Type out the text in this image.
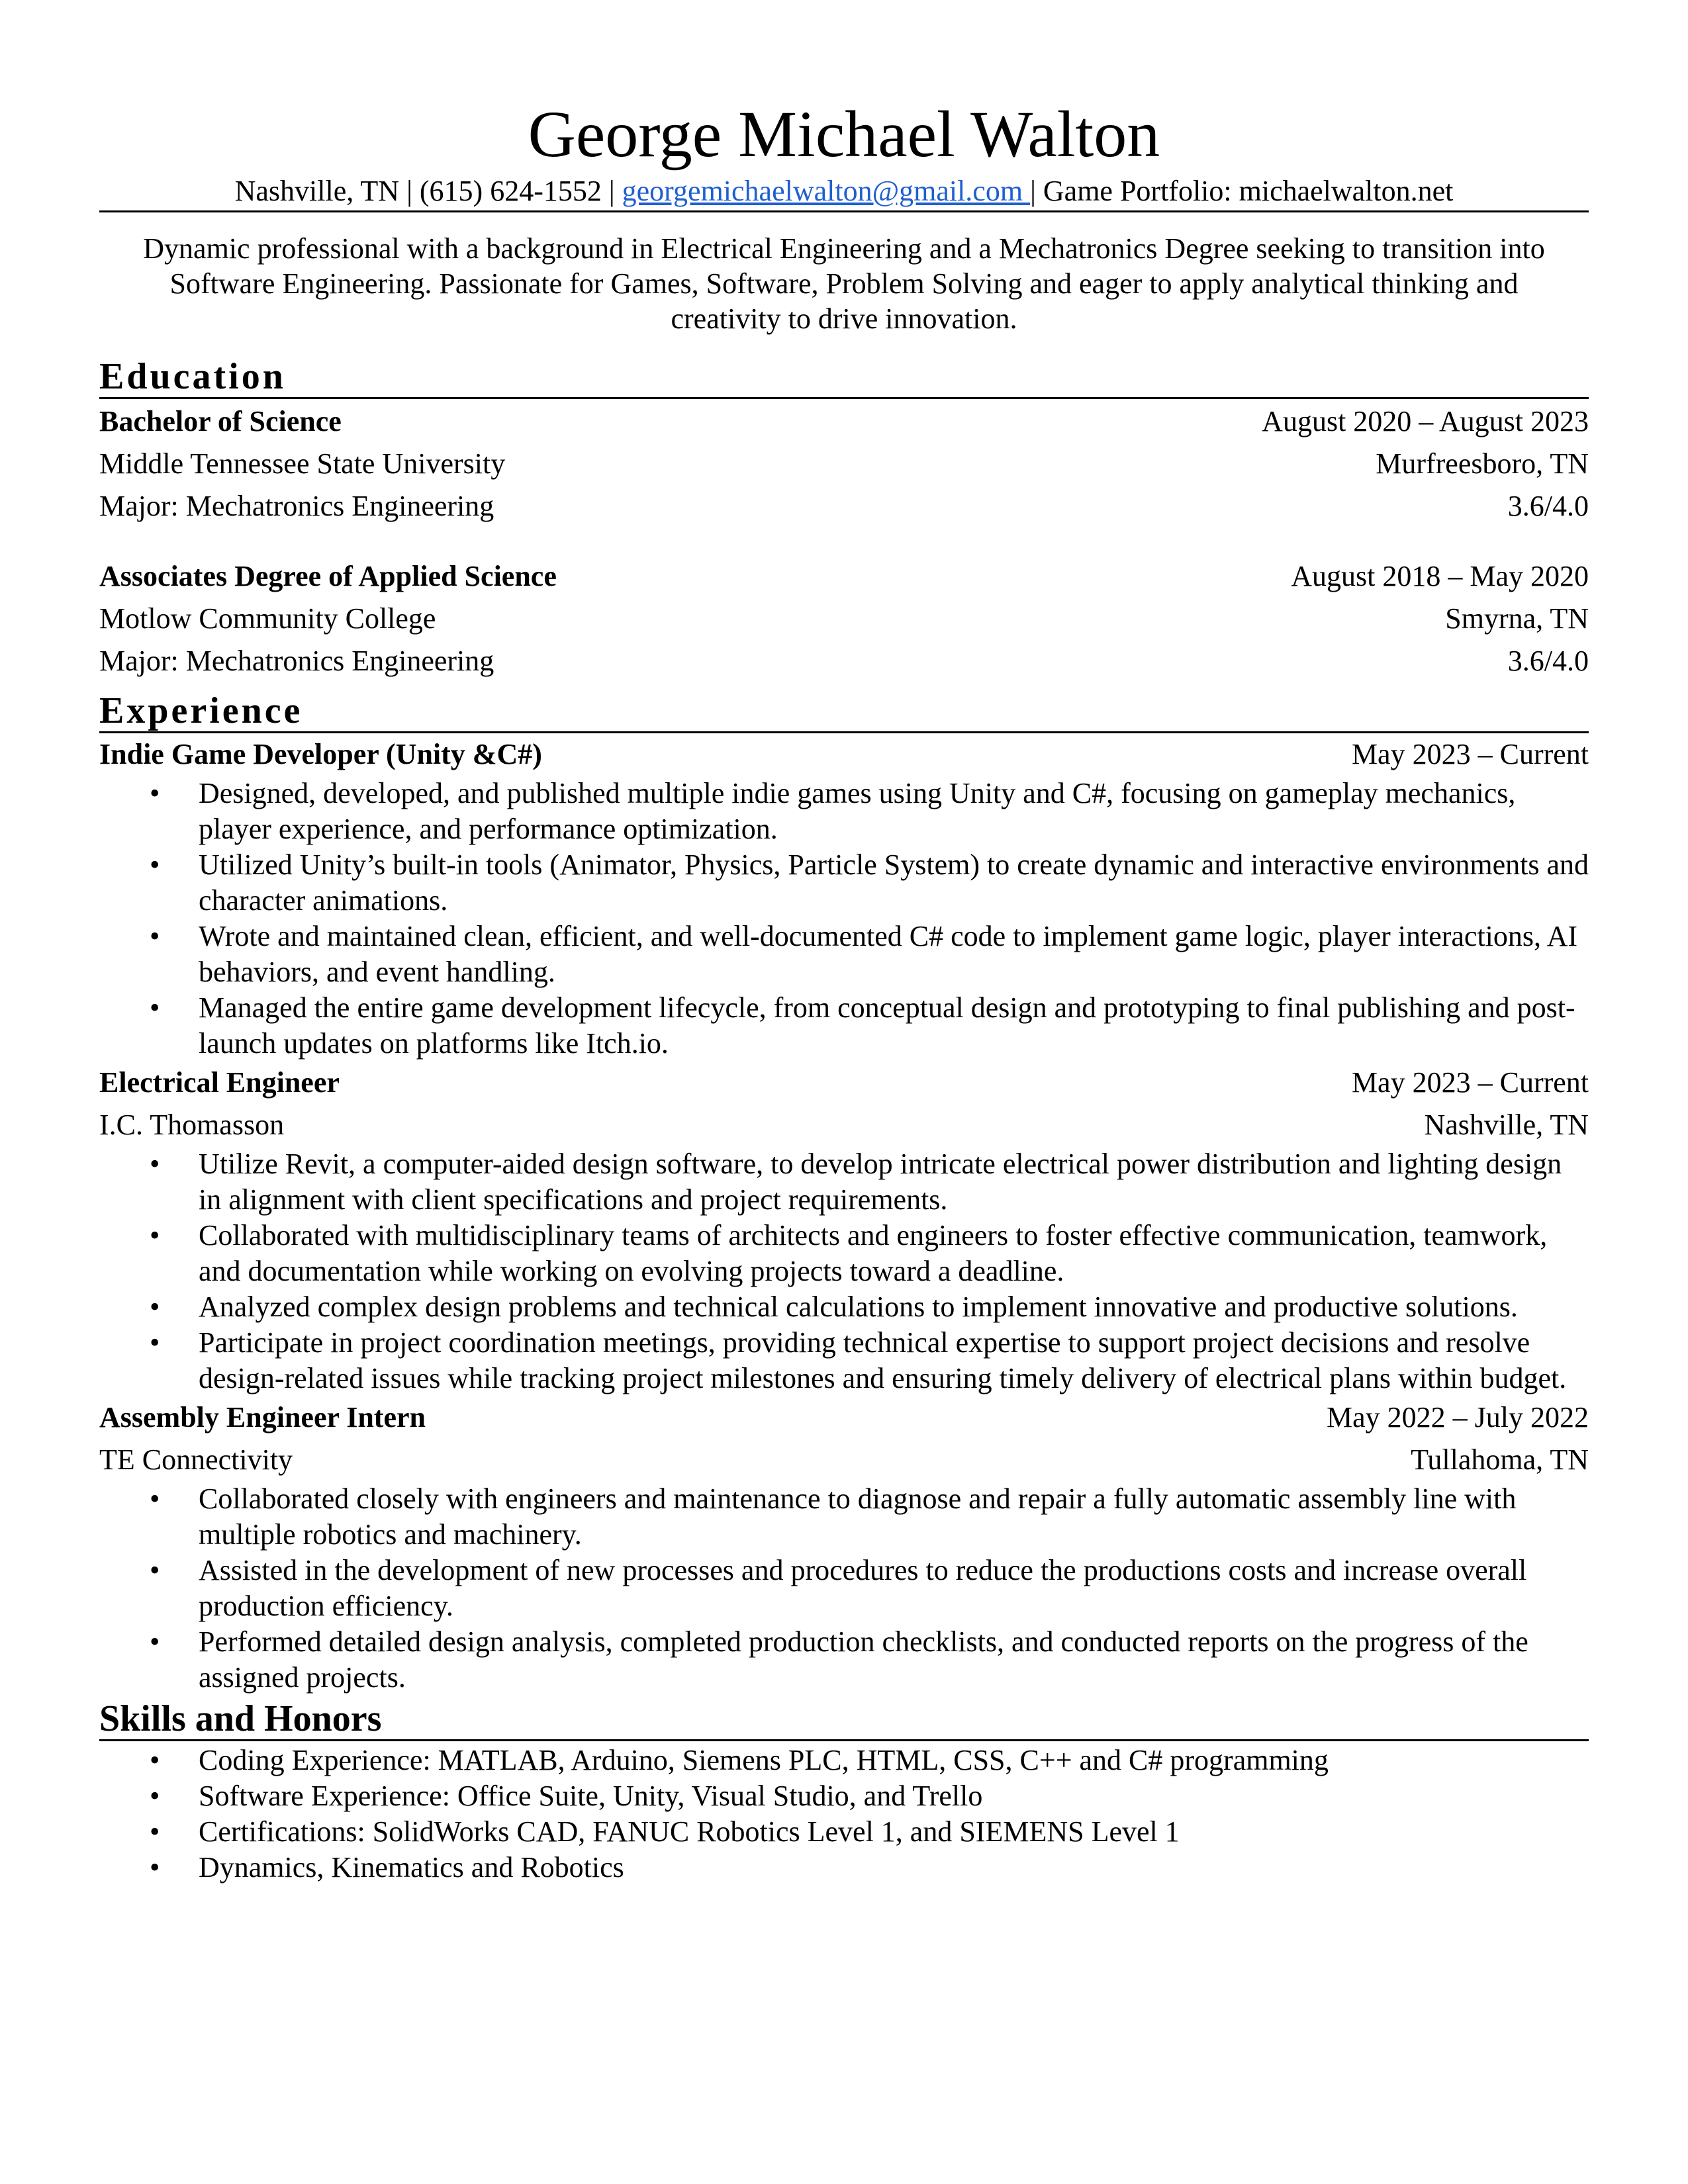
George Michael Walton
Nashville, TN | (615) 624-1552 | georgemichaelwalton@gmail.com | Game Portfolio: michaelwalton.net
Dynamic professional with a background in Electrical Engineering and a Mechatronics Degree seeking to transition into Software Engineering. Passionate for Games, Software, Problem Solving and eager to apply analytical thinking and creativity to drive innovation.
Education
Bachelor of Science	August 2020 – August 2023
Middle Tennessee State University	Murfreesboro, TN
Major: Mechatronics Engineering	3.6/4.0
Associates Degree of Applied Science	August 2018 – May 2020
Motlow Community College	Smyrna, TN
Major: Mechatronics Engineering	3.6/4.0
Experience
Indie Game Developer (Unity &C#)	May 2023 – Current
• Designed, developed, and published multiple indie games using Unity and C#, focusing on gameplay mechanics, player experience, and performance optimization.
• Utilized Unity’s built-in tools (Animator, Physics, Particle System) to create dynamic and interactive environments and character animations.
• Wrote and maintained clean, efficient, and well-documented C# code to implement game logic, player interactions, AI behaviors, and event handling.
• Managed the entire game development lifecycle, from conceptual design and prototyping to final publishing and post-launch updates on platforms like Itch.io.
Electrical Engineer	May 2023 – Current
I.C. Thomasson	Nashville, TN
• Utilize Revit, a computer-aided design software, to develop intricate electrical power distribution and lighting design in alignment with client specifications and project requirements.
• Collaborated with multidisciplinary teams of architects and engineers to foster effective communication, teamwork, and documentation while working on evolving projects toward a deadline.
• Analyzed complex design problems and technical calculations to implement innovative and productive solutions.
• Participate in project coordination meetings, providing technical expertise to support project decisions and resolve design-related issues while tracking project milestones and ensuring timely delivery of electrical plans within budget.
Assembly Engineer Intern	May 2022 – July 2022
TE Connectivity	Tullahoma, TN
• Collaborated closely with engineers and maintenance to diagnose and repair a fully automatic assembly line with multiple robotics and machinery.
• Assisted in the development of new processes and procedures to reduce the productions costs and increase overall production efficiency.
• Performed detailed design analysis, completed production checklists, and conducted reports on the progress of the assigned projects.
Skills and Honors
• Coding Experience: MATLAB, Arduino, Siemens PLC, HTML, CSS, C++ and C# programming
• Software Experience: Office Suite, Unity, Visual Studio, and Trello
• Certifications: SolidWorks CAD, FANUC Robotics Level 1, and SIEMENS Level 1
• Dynamics, Kinematics and Robotics
